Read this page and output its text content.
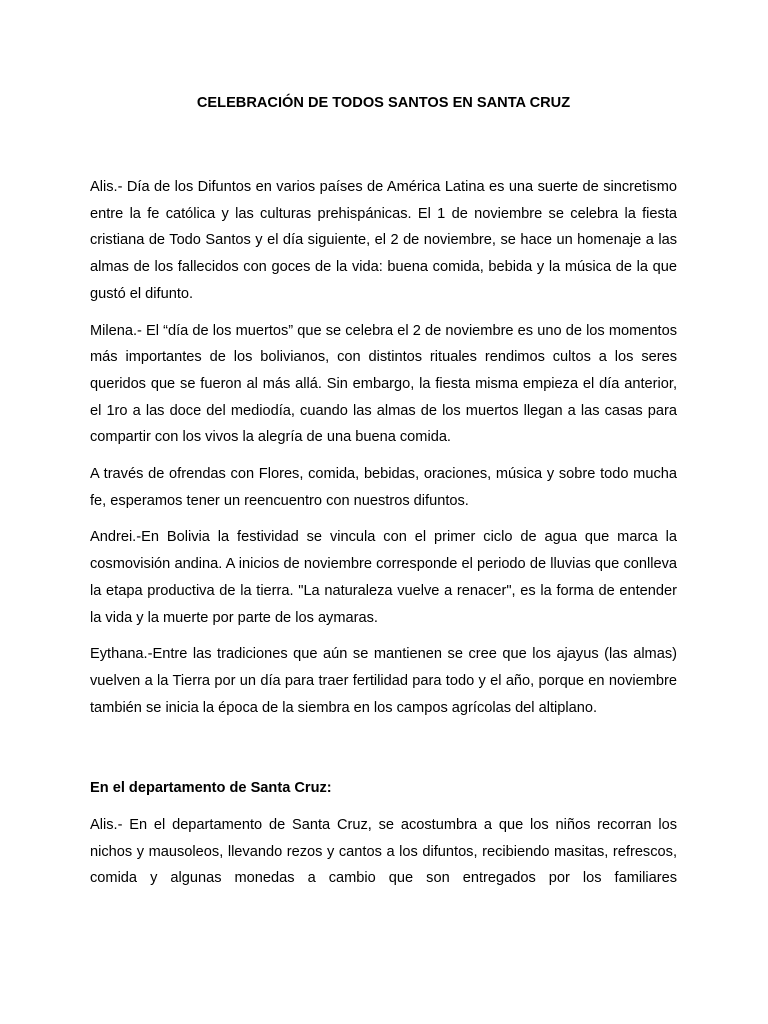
CELEBRACIÓN DE TODOS SANTOS EN SANTA CRUZ

Alis.- Día de los Difuntos en varios países de América Latina es una suerte de sincretismo entre la fe católica y las culturas prehispánicas. El 1 de noviembre se celebra la fiesta cristiana de Todo Santos y el día siguiente, el 2 de noviembre, se hace un homenaje a las almas de los fallecidos con goces de la vida: buena comida, bebida y la música de la que gustó el difunto.

Milena.- El “día de los muertos” que se celebra el 2 de noviembre es uno de los momentos más importantes de los bolivianos, con distintos rituales rendimos cultos a los seres queridos que se fueron al más allá. Sin embargo, la fiesta misma empieza el día anterior, el 1ro a las doce del mediodía, cuando las almas de los muertos llegan a las casas para compartir con los vivos la alegría de una buena comida.

A través de ofrendas con Flores, comida, bebidas, oraciones, música y sobre todo mucha fe, esperamos tener un reencuentro con nuestros difuntos.

Andrei.-En Bolivia la festividad se vincula con el primer ciclo de agua que marca la cosmovisión andina. A inicios de noviembre corresponde el periodo de lluvias que conlleva la etapa productiva de la tierra. "La naturaleza vuelve a renacer", es la forma de entender la vida y la muerte por parte de los aymaras.

Eythana.-Entre las tradiciones que aún se mantienen se cree que los ajayus (las almas) vuelven a la Tierra por un día para traer fertilidad para todo y el año, porque en noviembre también se inicia la época de la siembra en los campos agrícolas del altiplano.

En el departamento de Santa Cruz:

Alis.- En el departamento de Santa Cruz, se acostumbra a que los niños recorran los nichos y mausoleos, llevando rezos y cantos a los difuntos, recibiendo masitas, refrescos, comida y algunas monedas a cambio que son entregados por los familiares
